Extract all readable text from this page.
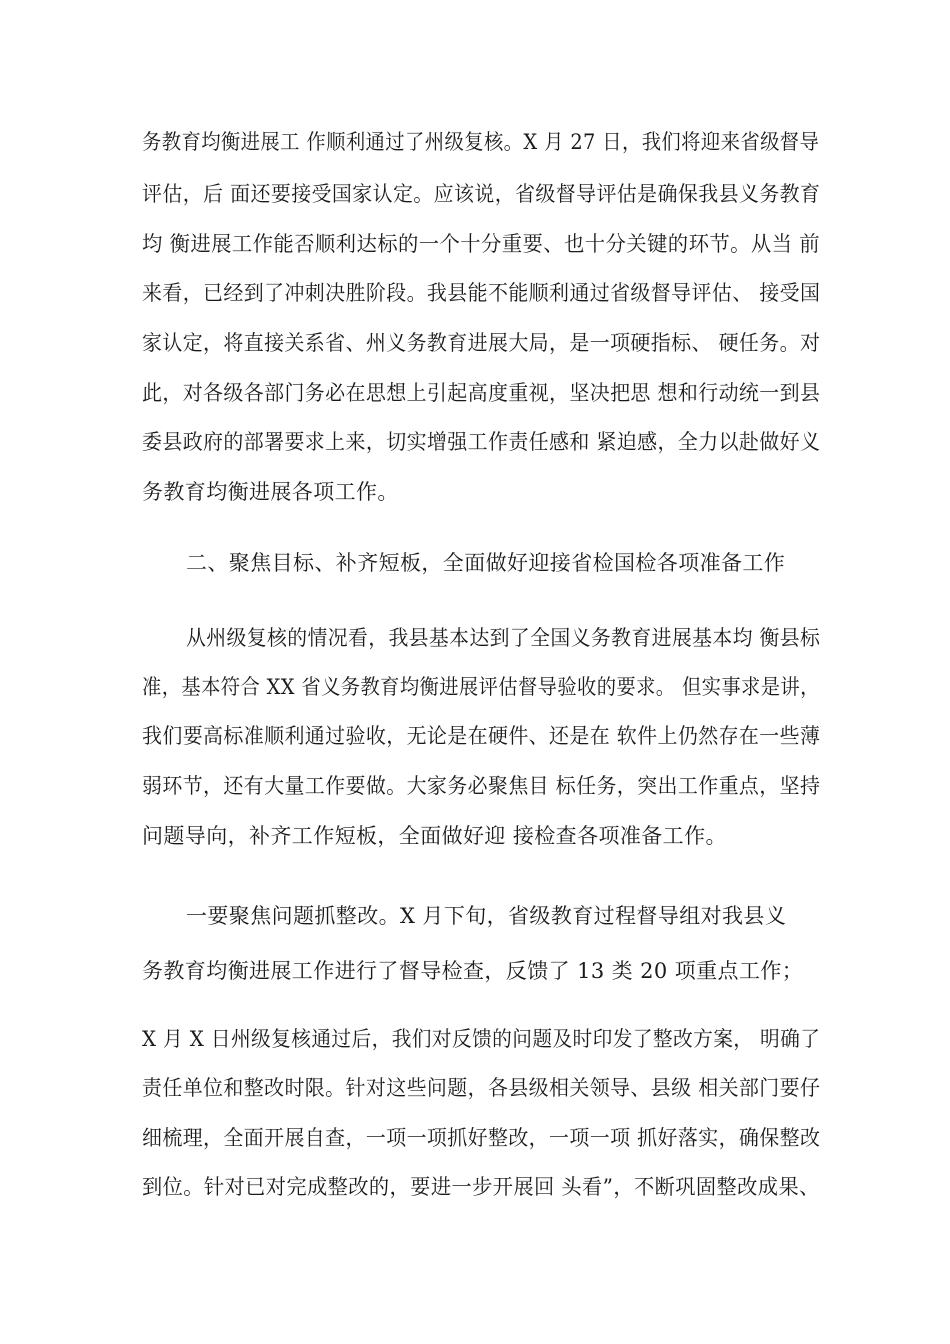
务教育均衡进展工 作顺利通过了州级复核。X 月 27 日，我们将迎来省级督导
评估，后 面还要接受国家认定。应该说，省级督导评估是确保我县义务教育
均 衡进展工作能否顺利达标的一个十分重要、也十分关键的环节。从当 前
来看，已经到了冲刺决胜阶段。我县能不能顺利通过省级督导评估、 接受国
家认定，将直接关系省、州义务教育进展大局，是一项硬指标、 硬任务。对
此，对各级各部门务必在思想上引起高度重视，坚决把思 想和行动统一到县
委县政府的部署要求上来，切实增强工作责任感和 紧迫感，全力以赴做好义
务教育均衡进展各项工作。
二、聚焦目标、补齐短板，全面做好迎接省检国检各项准备工作
从州级复核的情况看，我县基本达到了全国义务教育进展基本均 衡县标
准，基本符合 XX 省义务教育均衡进展评估督导验收的要求。 但实事求是讲，
我们要高标准顺利通过验收，无论是在硬件、还是在 软件上仍然存在一些薄
弱环节，还有大量工作要做。大家务必聚焦目 标任务，突出工作重点，坚持
问题导向，补齐工作短板，全面做好迎 接检查各项准备工作。
一要聚焦问题抓整改。X 月下旬，省级教育过程督导组对我县义
务教育均衡进展工作进行了督导检查，反馈了 13 类 20 项重点工作；
X 月 X 日州级复核通过后，我们对反馈的问题及时印发了整改方案， 明确了
责任单位和整改时限。针对这些问题，各县级相关领导、县级 相关部门要仔
细梳理，全面开展自查，一项一项抓好整改，一项一项 抓好落实，确保整改
到位。针对已对完成整改的，要进一步开展回 头看”，不断巩固整改成果、
